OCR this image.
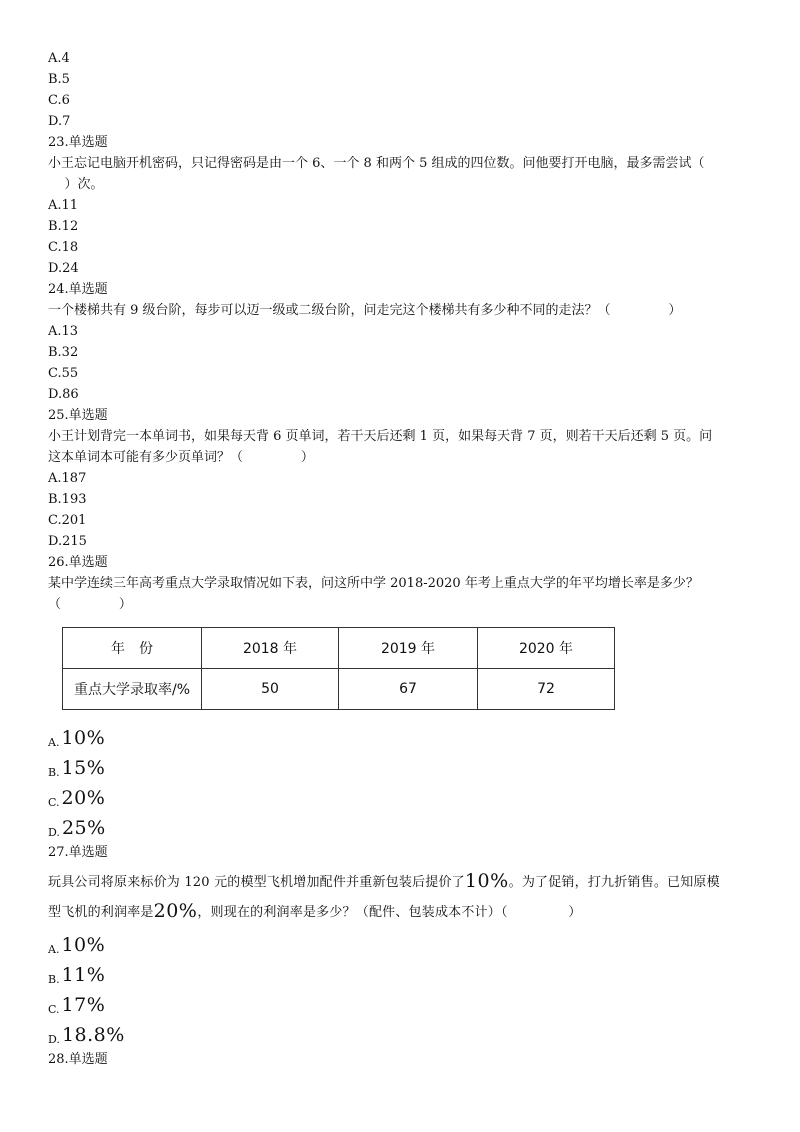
A.4
B.5
C.6
D.7
23.单选题
小王忘记电脑开机密码，只记得密码是由一个 6、一个 8 和两个 5 组成的四位数。问他要打开电脑，最多需尝试（
）次。
A.11
B.12
C.18
D.24
24.单选题
一个楼梯共有 9 级台阶，每步可以迈一级或二级台阶，问走完这个楼梯共有多少种不同的走法？（              ）
A.13
B.32
C.55
D.86
25.单选题
小王计划背完一本单词书，如果每天背 6 页单词，若干天后还剩 1 页，如果每天背 7 页，则若干天后还剩 5 页。问
这本单词本可能有多少页单词？（              ）
A.187
B.193
C.201
D.215
26.单选题
某中学连续三年高考重点大学录取情况如下表，问这所中学 2018-2020 年考上重点大学的年平均增长率是多少？
（              ）
年　份	2018 年	2019 年	2020 年
重点大学录取率/%	50	67	72
A. 10%
B. 15%
C. 20%
D. 25%
27.单选题
玩具公司将原来标价为 120 元的模型飞机增加配件并重新包装后提价了10%。为了促销，打九折销售。已知原模
型飞机的利润率是20%，则现在的利润率是多少？（配件、包装成本不计）（              ）
A. 10%
B. 11%
C. 17%
D. 18.8%
28.单选题
